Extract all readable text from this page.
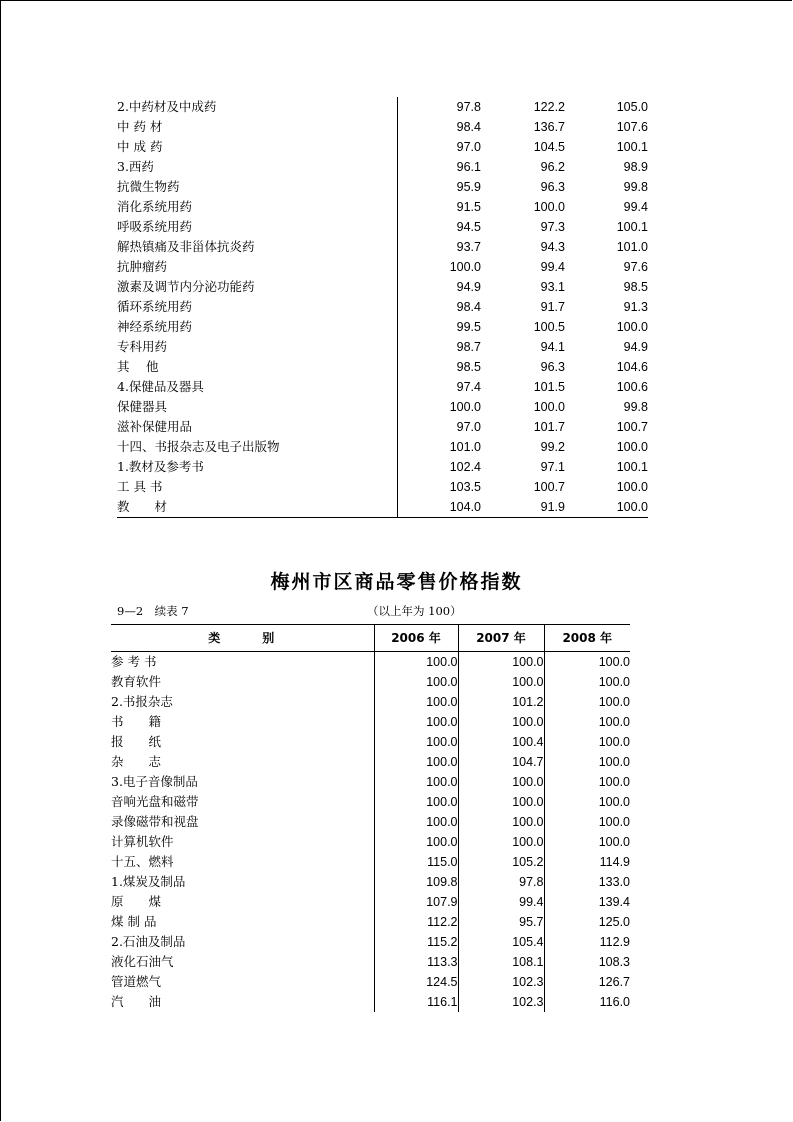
2.中药材及中成药	97.8	122.2	105.0
中 药 材	98.4	136.7	107.6
中 成 药	97.0	104.5	100.1
3.西药	96.1	96.2	98.9
抗微生物药	95.9	96.3	99.8
消化系统用药	91.5	100.0	99.4
呼吸系统用药	94.5	97.3	100.1
解热镇痛及非甾体抗炎药	93.7	94.3	101.0
抗肿瘤药	100.0	99.4	97.6
激素及调节内分泌功能药	94.9	93.1	98.5
循环系统用药	98.4	91.7	91.3
神经系统用药	99.5	100.5	100.0
专科用药	98.7	94.1	94.9
其　 他	98.5	96.3	104.6
4.保健品及器具	97.4	101.5	100.6
保健器具	100.0	100.0	99.8
滋补保健用品	97.0	101.7	100.7
十四、书报杂志及电子出版物	101.0	99.2	100.0
1.教材及参考书	102.4	97.1	100.1
工 具 书	103.5	100.7	100.0
教　　材	104.0	91.9	100.0
梅州市区商品零售价格指数
9—2　续表 7	（以上年为 100）
类 别	2006 年	2007 年	2008 年
参 考 书	100.0	100.0	100.0
教育软件	100.0	100.0	100.0
2.书报杂志	100.0	101.2	100.0
书　　籍	100.0	100.0	100.0
报　　纸	100.0	100.4	100.0
杂　　志	100.0	104.7	100.0
3.电子音像制品	100.0	100.0	100.0
音响光盘和磁带	100.0	100.0	100.0
录像磁带和视盘	100.0	100.0	100.0
计算机软件	100.0	100.0	100.0
十五、燃料	115.0	105.2	114.9
1.煤炭及制品	109.8	97.8	133.0
原　　煤	107.9	99.4	139.4
煤 制 品	112.2	95.7	125.0
2.石油及制品	115.2	105.4	112.9
液化石油气	113.3	108.1	108.3
管道燃气	124.5	102.3	126.7
汽　　油	116.1	102.3	116.0
